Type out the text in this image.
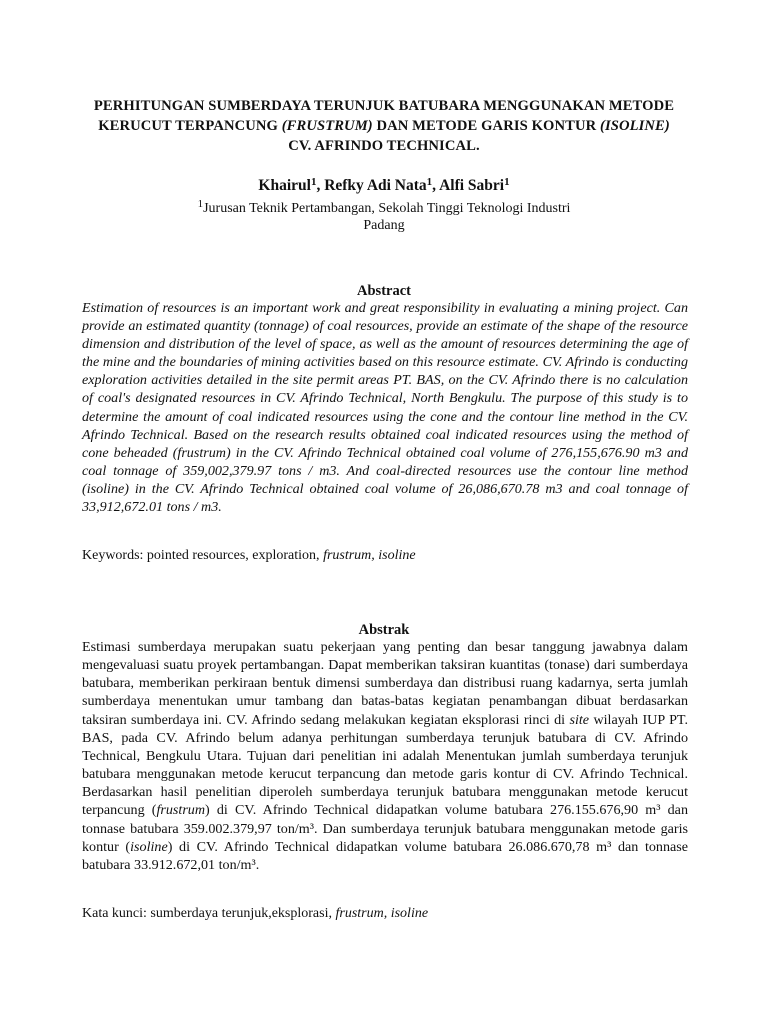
PERHITUNGAN SUMBERDAYA TERUNJUK BATUBARA MENGGUNAKAN METODE
KERUCUT TERPANCUNG (FRUSTRUM) DAN METODE GARIS KONTUR (ISOLINE)
CV. AFRINDO TECHNICAL.
Khairul$^1$, Refky Adi Nata$^1$, Alfi Sabri$^1$
$^1$Jurusan Teknik Pertambangan, Sekolah Tinggi Teknologi Industri
Padang
Abstract
Estimation of resources is an important work and great responsibility in evaluating a mining project. Can provide an estimated quantity (tonnage) of coal resources, provide an estimate of the shape of the resource dimension and distribution of the level of space, as well as the amount of resources determining the age of the mine and the boundaries of mining activities based on this resource estimate. CV. Afrindo is conducting exploration activities detailed in the site permit areas PT. BAS, on the CV. Afrindo there is no calculation of coal's designated resources in CV. Afrindo Technical, North Bengkulu. The purpose of this study is to determine the amount of coal indicated resources using the cone and the contour line method in the CV. Afrindo Technical. Based on the research results obtained coal indicated resources using the method of cone beheaded (frustrum) in the CV. Afrindo Technical obtained coal volume of 276,155,676.90 m3 and coal tonnage of 359,002,379.97 tons / m3. And coal-directed resources use the contour line method (isoline) in the CV. Afrindo Technical obtained coal volume of 26,086,670.78 m3 and coal tonnage of 33,912,672.01 tons / m3.
Keywords: pointed resources, exploration, frustrum, isoline
Abstrak
Estimasi sumberdaya merupakan suatu pekerjaan yang penting dan besar tanggung jawabnya dalam mengevaluasi suatu proyek pertambangan. Dapat memberikan taksiran kuantitas (tonase) dari sumberdaya batubara, memberikan perkiraan bentuk dimensi sumberdaya dan distribusi ruang kadarnya, serta jumlah sumberdaya menentukan umur tambang dan batas-batas kegiatan penambangan dibuat berdasarkan taksiran sumberdaya ini. CV. Afrindo sedang melakukan kegiatan eksplorasi rinci di site wilayah IUP PT. BAS, pada CV. Afrindo belum adanya perhitungan sumberdaya terunjuk batubara di CV. Afrindo Technical, Bengkulu Utara. Tujuan dari penelitian ini adalah Menentukan jumlah sumberdaya terunjuk batubara menggunakan metode kerucut terpancung dan metode garis kontur di CV. Afrindo Technical. Berdasarkan hasil penelitian diperoleh sumberdaya terunjuk batubara menggunakan metode kerucut terpancung (frustrum) di CV. Afrindo Technical didapatkan volume batubara 276.155.676,90 m³ dan tonnase batubara 359.002.379,97 ton/m³. Dan sumberdaya terunjuk batubara menggunakan metode garis kontur (isoline) di CV. Afrindo Technical didapatkan volume batubara 26.086.670,78 m³ dan tonnase batubara 33.912.672,01 ton/m³.
Kata kunci: sumberdaya terunjuk,eksplorasi, frustrum, isoline
